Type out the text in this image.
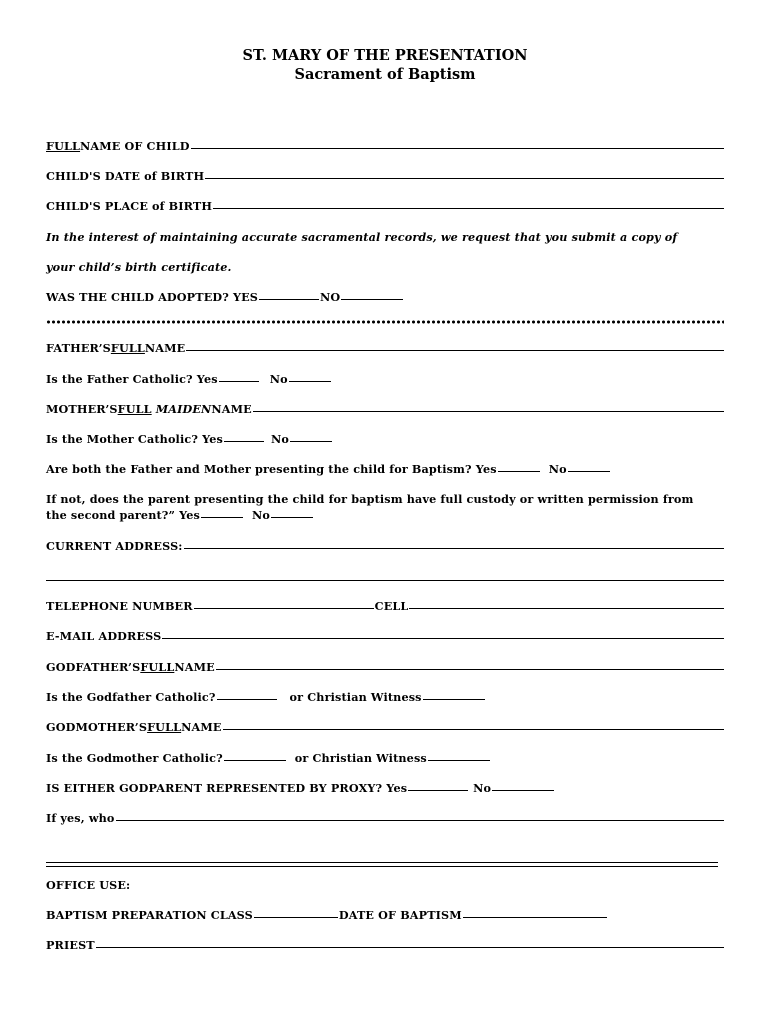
ST. MARY OF THE PRESENTATION
Sacrament of Baptism
FULL NAME OF CHILD
CHILD'S DATE of BIRTH
CHILD'S PLACE of BIRTH
In the interest of maintaining accurate sacramental records, we request that you submit a copy of
your child’s birth certificate.
WAS THE CHILD ADOPTED? YES	NO
FATHER’S FULL NAME
Is the Father Catholic? Yes	No
MOTHER’S FULL
MAIDEN NAME
Is the Mother Catholic? Yes	No
Are both the Father and Mother presenting the child for Baptism? Yes	No
If not, does the parent presenting the child for baptism have full custody or written permission from
the second parent?” Yes	No
CURRENT ADDRESS:
TELEPHONE NUMBER	CELL
E-MAIL ADDRESS
GODFATHER’S FULL NAME
Is the Godfather Catholic?	or Christian Witness
GODMOTHER’S FULL NAME
Is the Godmother Catholic?	or Christian Witness
IS EITHER GODPARENT REPRESENTED BY PROXY? Yes	No
If yes, who
OFFICE USE:
BAPTISM PREPARATION CLASS	DATE OF BAPTISM
PRIEST
